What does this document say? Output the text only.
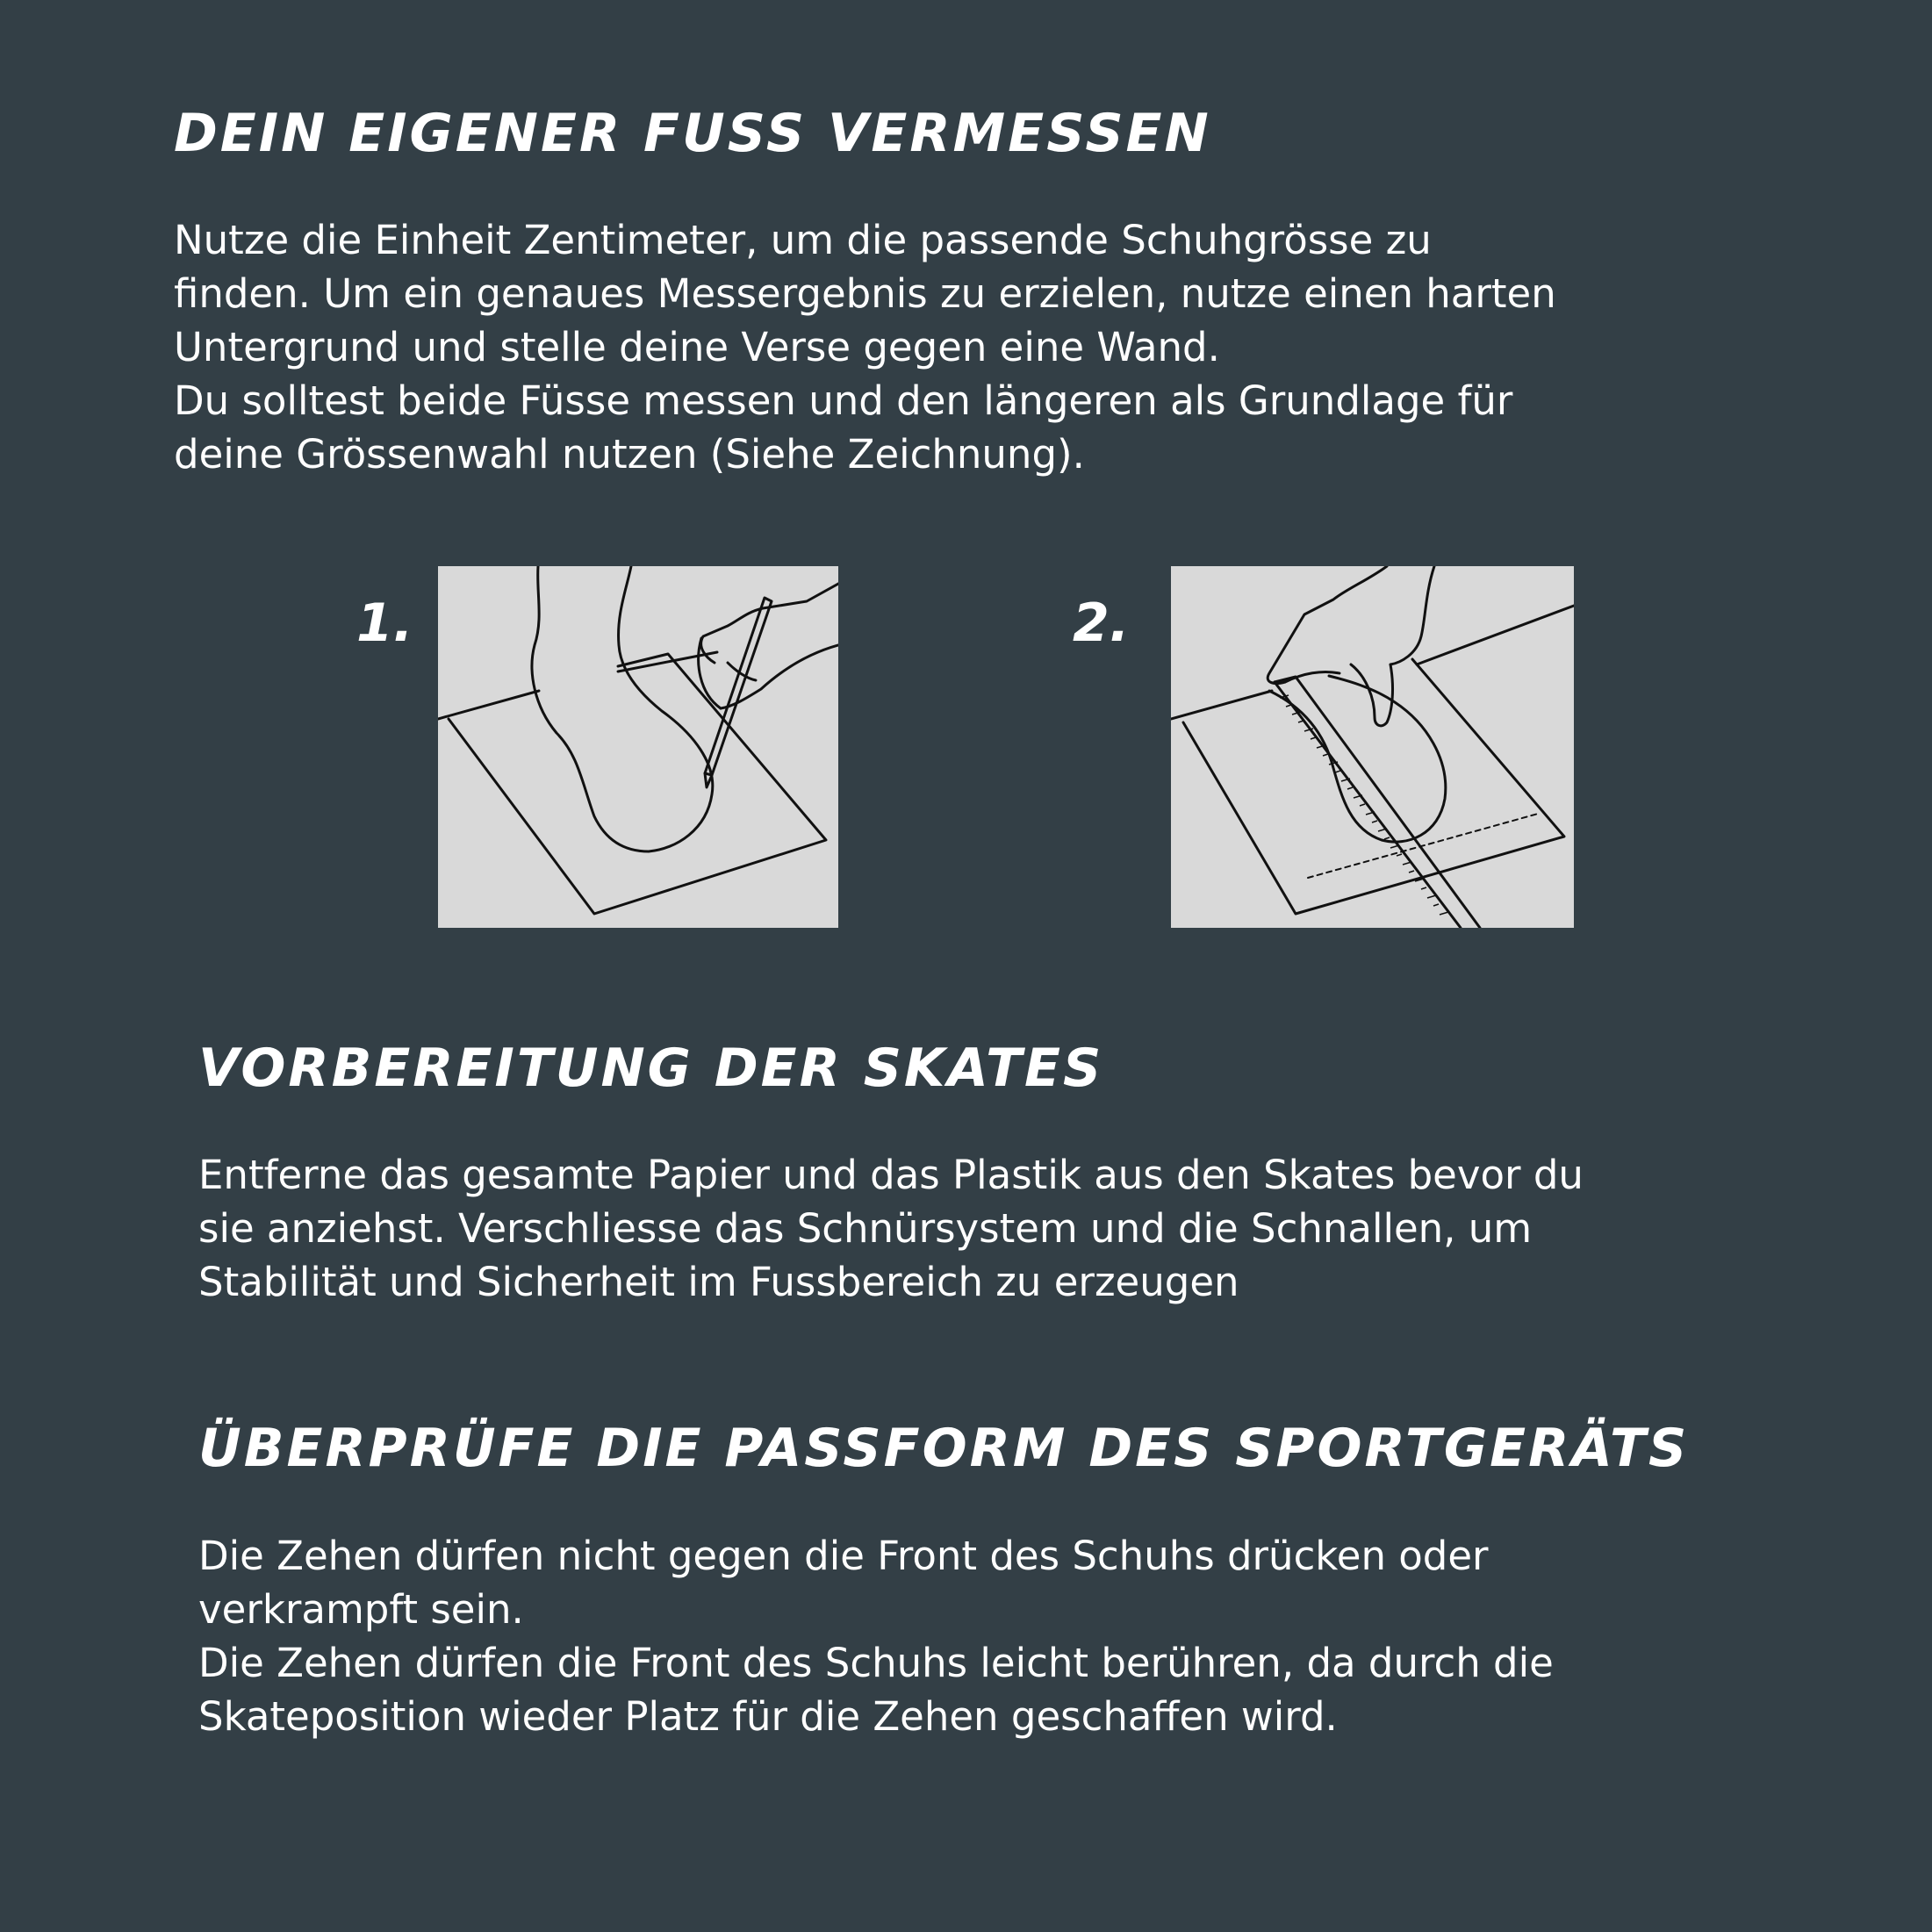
DEIN EIGENER FUSS VERMESSEN
Nutze die Einheit Zentimeter, um die passende Schuhgrösse zu
finden. Um ein genaues Messergebnis zu erzielen, nutze einen harten
Untergrund und stelle deine Verse gegen eine Wand.
Du solltest beide Füsse messen und den längeren als Grundlage für
deine Grössenwahl nutzen (Siehe Zeichnung).
1.	2.
VORBEREITUNG DER SKATES
Entferne das gesamte Papier und das Plastik aus den Skates bevor du
sie anziehst. Verschliesse das Schnürsystem und die Schnallen, um
Stabilität und Sicherheit im Fussbereich zu erzeugen
ÜBERPRÜFE DIE PASSFORM DES SPORTGERÄTS
Die Zehen dürfen nicht gegen die Front des Schuhs drücken oder
verkrampft sein.
Die Zehen dürfen die Front des Schuhs leicht berühren, da durch die
Skateposition wieder Platz für die Zehen geschaffen wird.
